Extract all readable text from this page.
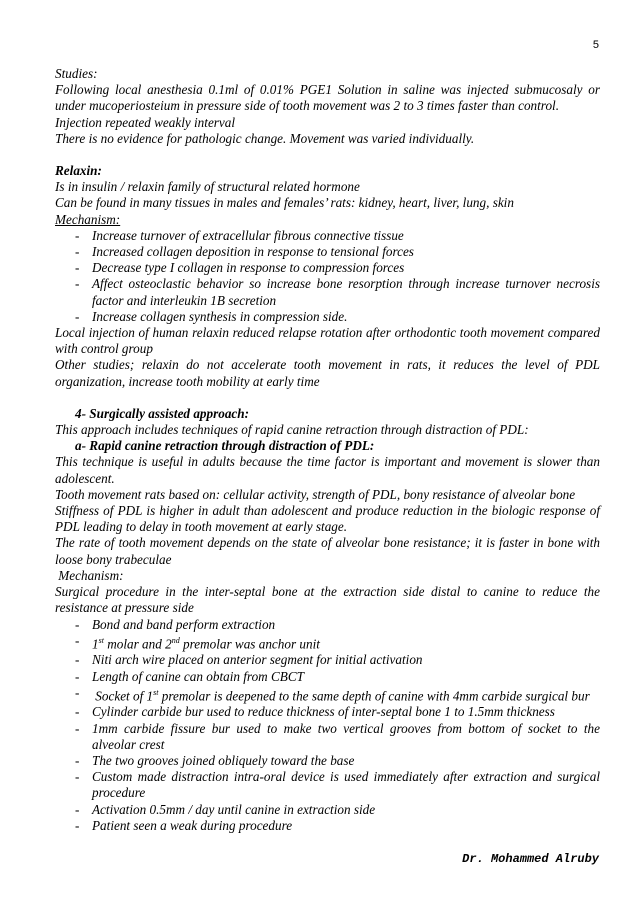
5

Studies:

Following local anesthesia 0.1ml of 0.01% PGE1 Solution in saline was injected submucosaly or under mucoperiosteium in pressure side of tooth movement was 2 to 3 times faster than control.

Injection repeated weakly interval

There is no evidence for pathologic change. Movement was varied individually.

Relaxin:

Is in insulin / relaxin family of structural related hormone

Can be found in many tissues in males and females’ rats: kidney, heart, liver, lung, skin

Mechanism:

- Increase turnover of extracellular fibrous connective tissue
- Increased collagen deposition in response to tensional forces
- Decrease type I collagen in response to compression forces
- Affect osteoclastic behavior so increase bone resorption through increase turnover necrosis factor and interleukin 1B secretion
- Increase collagen synthesis in compression side.

Local injection of human relaxin reduced relapse rotation after orthodontic tooth movement compared with control group

Other studies; relaxin do not accelerate tooth movement in rats, it reduces the level of PDL organization, increase tooth mobility at early time

4- Surgically assisted approach:

This approach includes techniques of rapid canine retraction through distraction of PDL:

a- Rapid canine retraction through distraction of PDL:

This technique is useful in adults because the time factor is important and movement is slower than adolescent.

Tooth movement rats based on: cellular activity, strength of PDL, bony resistance of alveolar bone

Stiffness of PDL is higher in adult than adolescent and produce reduction in the biologic response of PDL leading to delay in tooth movement at early stage.

The rate of tooth movement depends on the state of alveolar bone resistance; it is faster in bone with loose bony trabeculae

Mechanism:

Surgical procedure in the inter-septal bone at the extraction side distal to canine to reduce the resistance at pressure side

- Bond and band perform extraction
- 1st molar and 2nd premolar was anchor unit
- Niti arch wire placed on anterior segment for initial activation
- Length of canine can obtain from CBCT
-  Socket of 1st premolar is deepened to the same depth of canine with 4mm carbide surgical bur
- Cylinder carbide bur used to reduce thickness of inter-septal bone 1 to 1.5mm thickness
- 1mm carbide fissure bur used to make two vertical grooves from bottom of socket to the alveolar crest
- The two grooves joined obliquely toward the base
- Custom made distraction intra-oral device is used immediately after extraction and surgical procedure
- Activation 0.5mm / day until canine in extraction side
- Patient seen a weak during procedure
Dr. Mohammed Alruby
